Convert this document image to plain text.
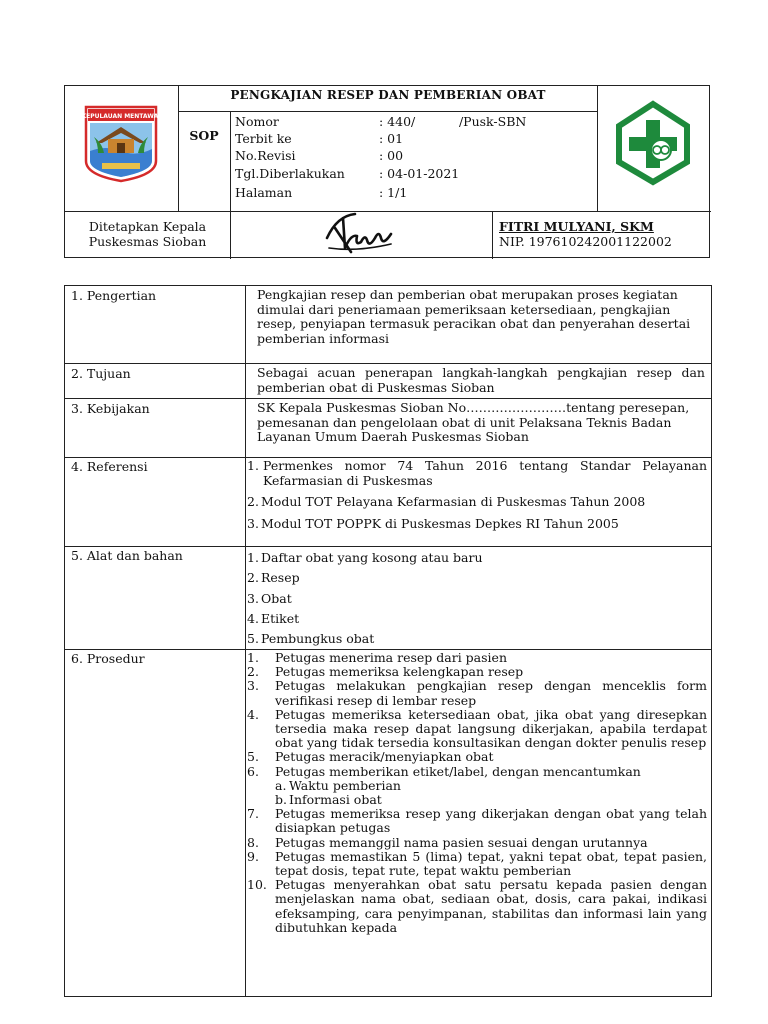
KEPULAUAN MENTAWAI
PENGKAJIAN RESEP DAN PEMBERIAN OBAT
SOP
Nomor	: 440/           /Pusk-SBN
Terbit ke	: 01
No.Revisi	: 00
Tgl.Diberlakukan	: 04-01-2021
Halaman	: 1/1
Ditetapkan Kepala
Puskesmas Sioban
FITRI MULYANI, SKM
NIP. 197610242001122002
1. Pengertian	Pengkajian resep dan pemberian obat merupakan proses kegiatan dimulai dari peneriamaan pemeriksaan ketersediaan, pengkajian resep, penyiapan termasuk peracikan obat dan penyerahan desertai pemberian informasi
2. Tujuan	Sebagai acuan penerapan langkah-langkah pengkajian resep dan pemberian obat di Puskesmas Sioban
3. Kebijakan	SK Kepala Puskesmas Sioban No……………………tentang peresepan, pemesanan dan pengelolaan obat di unit Pelaksana Teknis Badan Layanan Umum Daerah Puskesmas Sioban
4. Referensi	1. Permenkes nomor 74 Tahun 2016 tentang Standar Pelayanan Kefarmasian di Puskesmas
2. Modul TOT Pelayana Kefarmasian di Puskesmas Tahun 2008
3. Modul TOT POPPK di Puskesmas Depkes RI Tahun 2005
5. Alat dan bahan	1. Daftar obat yang kosong atau baru
2. Resep
3. Obat
4. Etiket
5. Pembungkus obat
6. Prosedur	1. Petugas menerima resep dari pasien
2. Petugas memeriksa kelengkapan resep
3. Petugas melakukan pengkajian resep dengan menceklis form verifikasi resep di lembar resep
4. Petugas memeriksa ketersediaan obat, jika obat yang diresepkan tersedia maka resep dapat langsung dikerjakan, apabila terdapat obat yang tidak tersedia konsultasikan dengan dokter penulis resep
5. Petugas meracik/menyiapkan obat
6. Petugas memberikan etiket/label, dengan mencantumkan
a. Waktu pemberian
b. Informasi obat
7. Petugas memeriksa resep yang dikerjakan dengan obat yang telah disiapkan petugas
8. Petugas memanggil nama pasien sesuai dengan urutannya
9. Petugas memastikan 5 (lima) tepat, yakni tepat obat, tepat pasien, tepat dosis, tepat rute, tepat waktu pemberian
10. Petugas menyerahkan obat satu persatu kepada pasien dengan menjelaskan nama obat, sediaan obat, dosis, cara pakai, indikasi efeksamping, cara penyimpanan, stabilitas dan informasi lain yang dibutuhkan kepada
